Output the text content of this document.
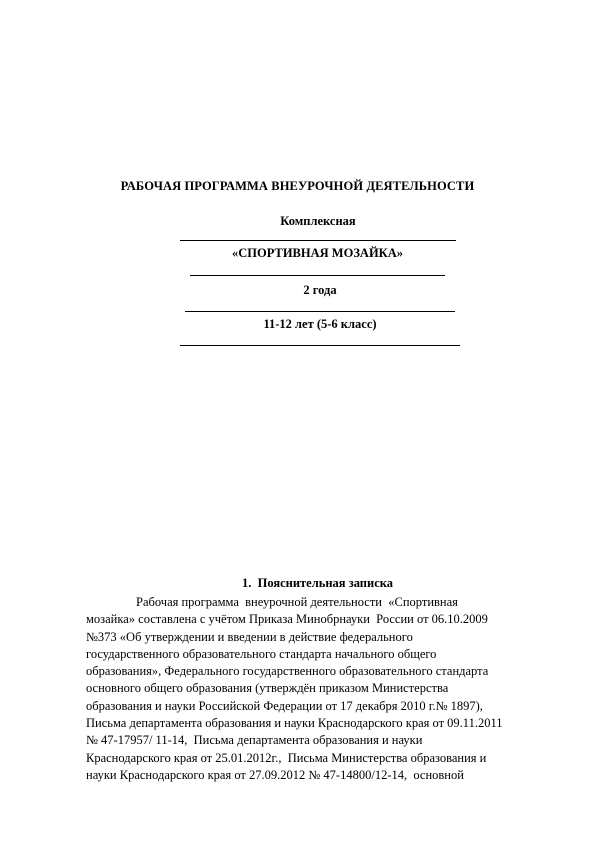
РАБОЧАЯ ПРОГРАММА ВНЕУРОЧНОЙ ДЕЯТЕЛЬНОСТИ
Комплексная
«СПОРТИВНАЯ МОЗАЙКА»
2 года
11-12 лет (5-6 класс)
1. Пояснительная записка
Рабочая программа  внеурочной деятельности  «Спортивная
мозайка» составлена с учётом Приказа Минобрнауки  России от 06.10.2009
№373 «Об утверждении и введении в действие федерального
государственного образовательного стандарта начального общего
образования», Федерального государственного образовательного стандарта
основного общего образования (утверждён приказом Министерства
образования и науки Российской Федерации от 17 декабря 2010 г.№ 1897),
Письма департамента образования и науки Краснодарского края от 09.11.2011
№ 47-17957/ 11-14,  Письма департамента образования и науки
Краснодарского края от 25.01.2012г.,  Письма Министерства образования и
науки Краснодарского края от 27.09.2012 № 47-14800/12-14,  основной
